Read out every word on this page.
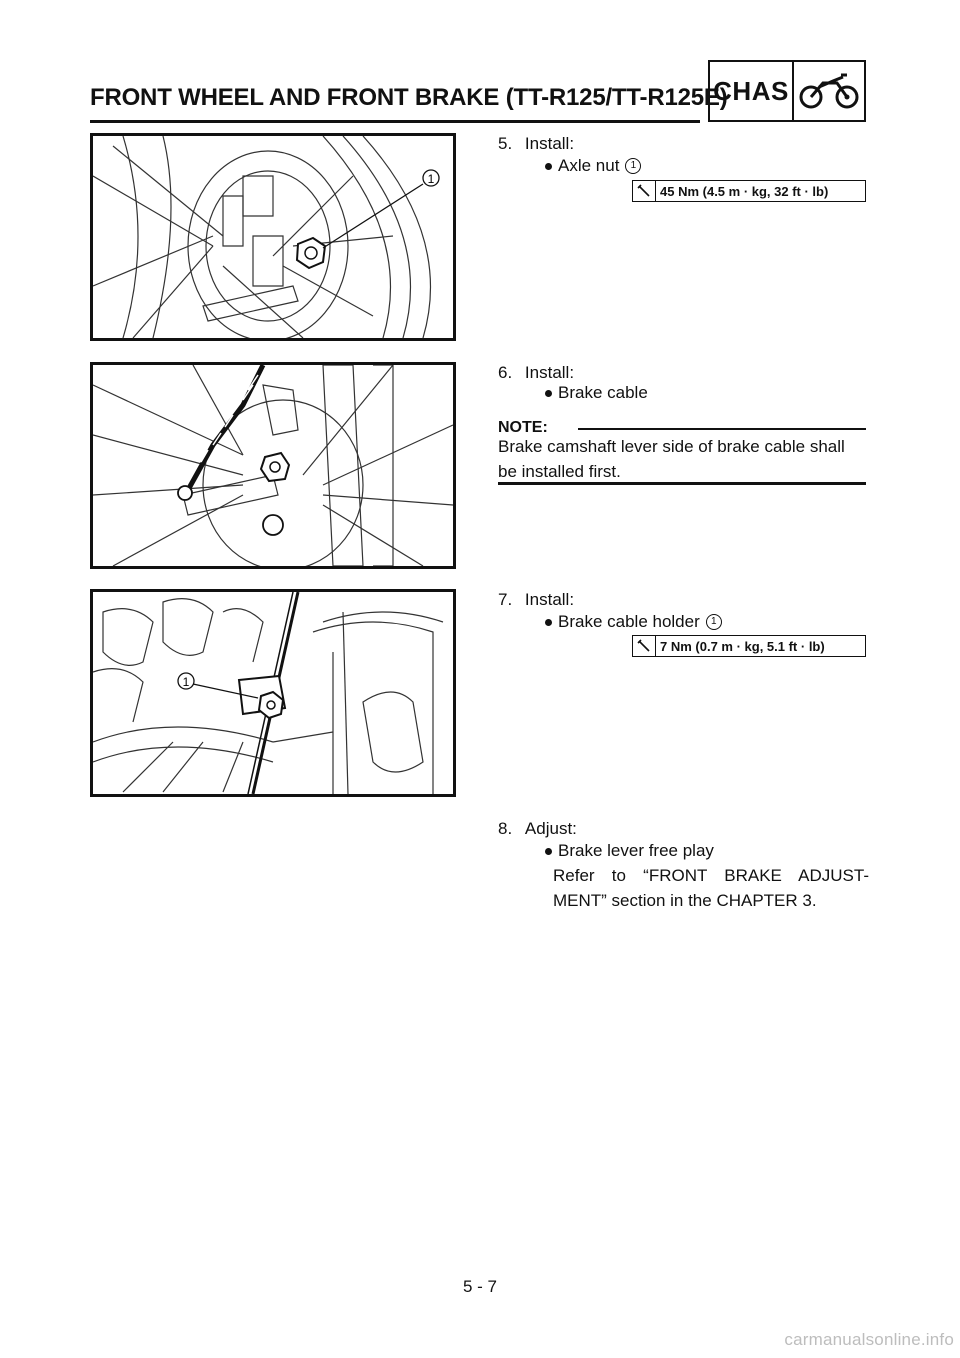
FRONT WHEEL AND FRONT BRAKE (TT-R125/TT-R125E)
CHAS
1
1
5. Install:
Axle nut	1
45 Nm (4.5 m · kg, 32 ft · lb)
6. Install:
Brake cable
NOTE:
Brake camshaft lever side of brake cable shall be installed first.
7. Install:
Brake cable holder	1
7 Nm (0.7 m · kg, 5.1 ft · lb)
8. Adjust:
Brake lever free play
Refer to “FRONT BRAKE ADJUST-MENT” section in the CHAPTER 3.
5 - 7
carmanualsonline.info
